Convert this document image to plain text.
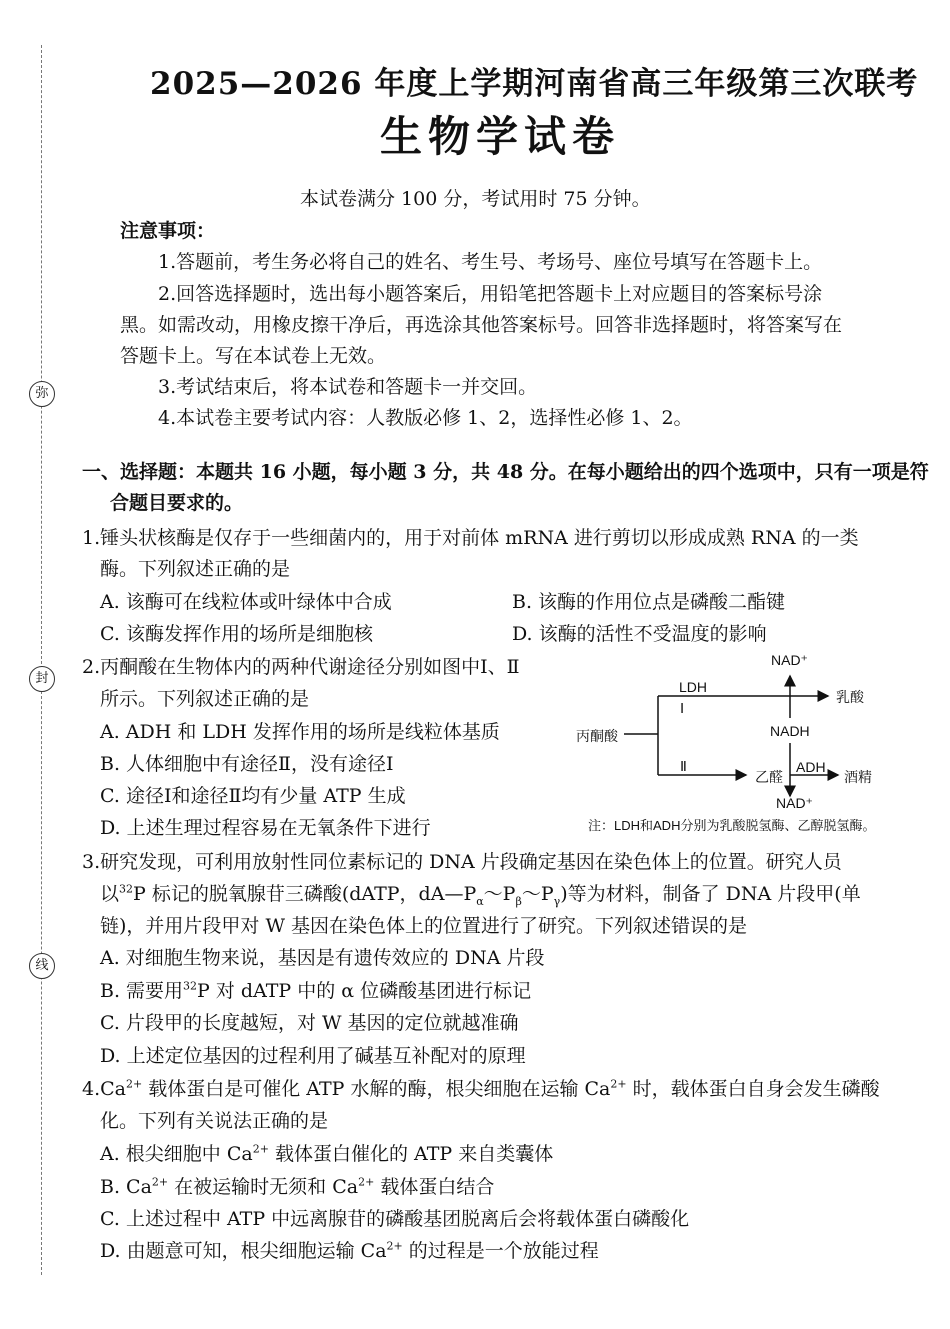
弥
封
线
2025—2026 年度上学期河南省高三年级第三次联考
生物学试卷
本试卷满分 100 分，考试用时 75 分钟。
注意事项：
1.答题前，考生务必将自己的姓名、考生号、考场号、座位号填写在答题卡上。
2.回答选择题时，选出每小题答案后，用铅笔把答题卡上对应题目的答案标号涂
黑。如需改动，用橡皮擦干净后，再选涂其他答案标号。回答非选择题时，将答案写在
答题卡上。写在本试卷上无效。
3.考试结束后，将本试卷和答题卡一并交回。
4.本试卷主要考试内容：人教版必修 1、2，选择性必修 1、2。
一、选择题：本题共 16 小题，每小题 3 分，共 48 分。在每小题给出的四个选项中，只有一项是符
合题目要求的。
1.锤头状核酶是仅存于一些细菌内的，用于对前体 mRNA 进行剪切以形成成熟 RNA 的一类
酶。下列叙述正确的是
A. 该酶可在线粒体或叶绿体中合成	B. 该酶的作用位点是磷酸二酯键
C. 该酶发挥作用的场所是细胞核	D. 该酶的活性不受温度的影响
2.丙酮酸在生物体内的两种代谢途径分别如图中Ⅰ、Ⅱ
所示。下列叙述正确的是
A. ADH 和 LDH 发挥作用的场所是线粒体基质
B. 人体细胞中有途径Ⅱ，没有途径Ⅰ
C. 途径Ⅰ和途径Ⅱ均有少量 ATP 生成
D. 上述生理过程容易在无氧条件下进行
NAD⁺
LDH
Ⅰ
乳酸
丙酮酸	NADH
Ⅱ
乙醛
ADH
酒精
NAD⁺
注：LDH和ADH分别为乳酸脱氢酶、乙醇脱氢酶。
3.研究发现，可利用放射性同位素标记的 DNA 片段确定基因在染色体上的位置。研究人员
以$^{32}$P 标记的脱氧腺苷三磷酸(dATP，$dA—P_\alpha\sim P_\beta\sim P_\gamma$)等为材料，制备了 DNA 片段甲(单
链)，并用片段甲对 W 基因在染色体上的位置进行了研究。下列叙述错误的是
A. 对细胞生物来说，基因是有遗传效应的 DNA 片段
B. 需要用$^{32}$P 对 dATP 中的 α 位磷酸基团进行标记
C. 片段甲的长度越短，对 W 基因的定位就越准确
D. 上述定位基因的过程利用了碱基互补配对的原理
$4.Ca^{2+}$ 载体蛋白是可催化 ATP 水解的酶，根尖细胞在运输 $Ca^{2+}$ 时，载体蛋白自身会发生磷酸
化。下列有关说法正确的是
A. 根尖细胞中 $Ca^{2+}$ 载体蛋白催化的 ATP 来自类囊体
B. $Ca^{2+}$ 在被运输时无须和 $Ca^{2+}$ 载体蛋白结合
C. 上述过程中 ATP 中远离腺苷的磷酸基团脱离后会将载体蛋白磷酸化
D. 由题意可知，根尖细胞运输 $Ca^{2+}$ 的过程是一个放能过程
